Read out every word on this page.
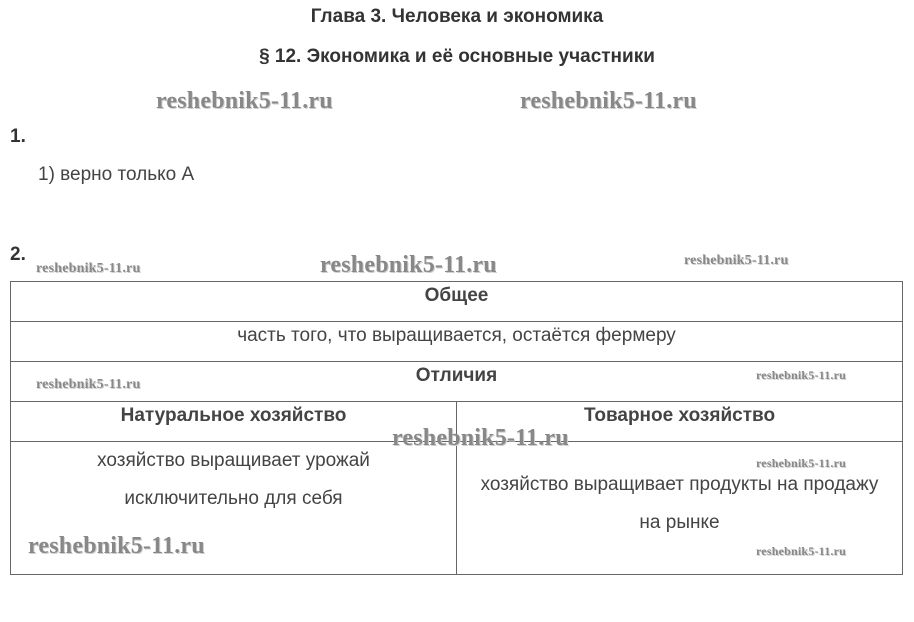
Глава 3. Человека и экономика
§ 12. Экономика и её основные участники
reshebnik5-11.ru	reshebnik5-11.ru
1.
1) верно только А
2.
reshebnik5-11.ru	reshebnik5-11.ru	reshebnik5-11.ru
Общее	
часть того, что выращивается, остаётся фермеру	
Отличия	
Натуральное хозяйство	Товарное хозяйство

хозяйство выращивает урожай исключительно для себя	хозяйство выращивает продукты на продажу на рынке
reshebnik5-11.ru
reshebnik5-11.ru
reshebnik5-11.ru
reshebnik5-11.ru
reshebnik5-11.ru	reshebnik5-11.ru
